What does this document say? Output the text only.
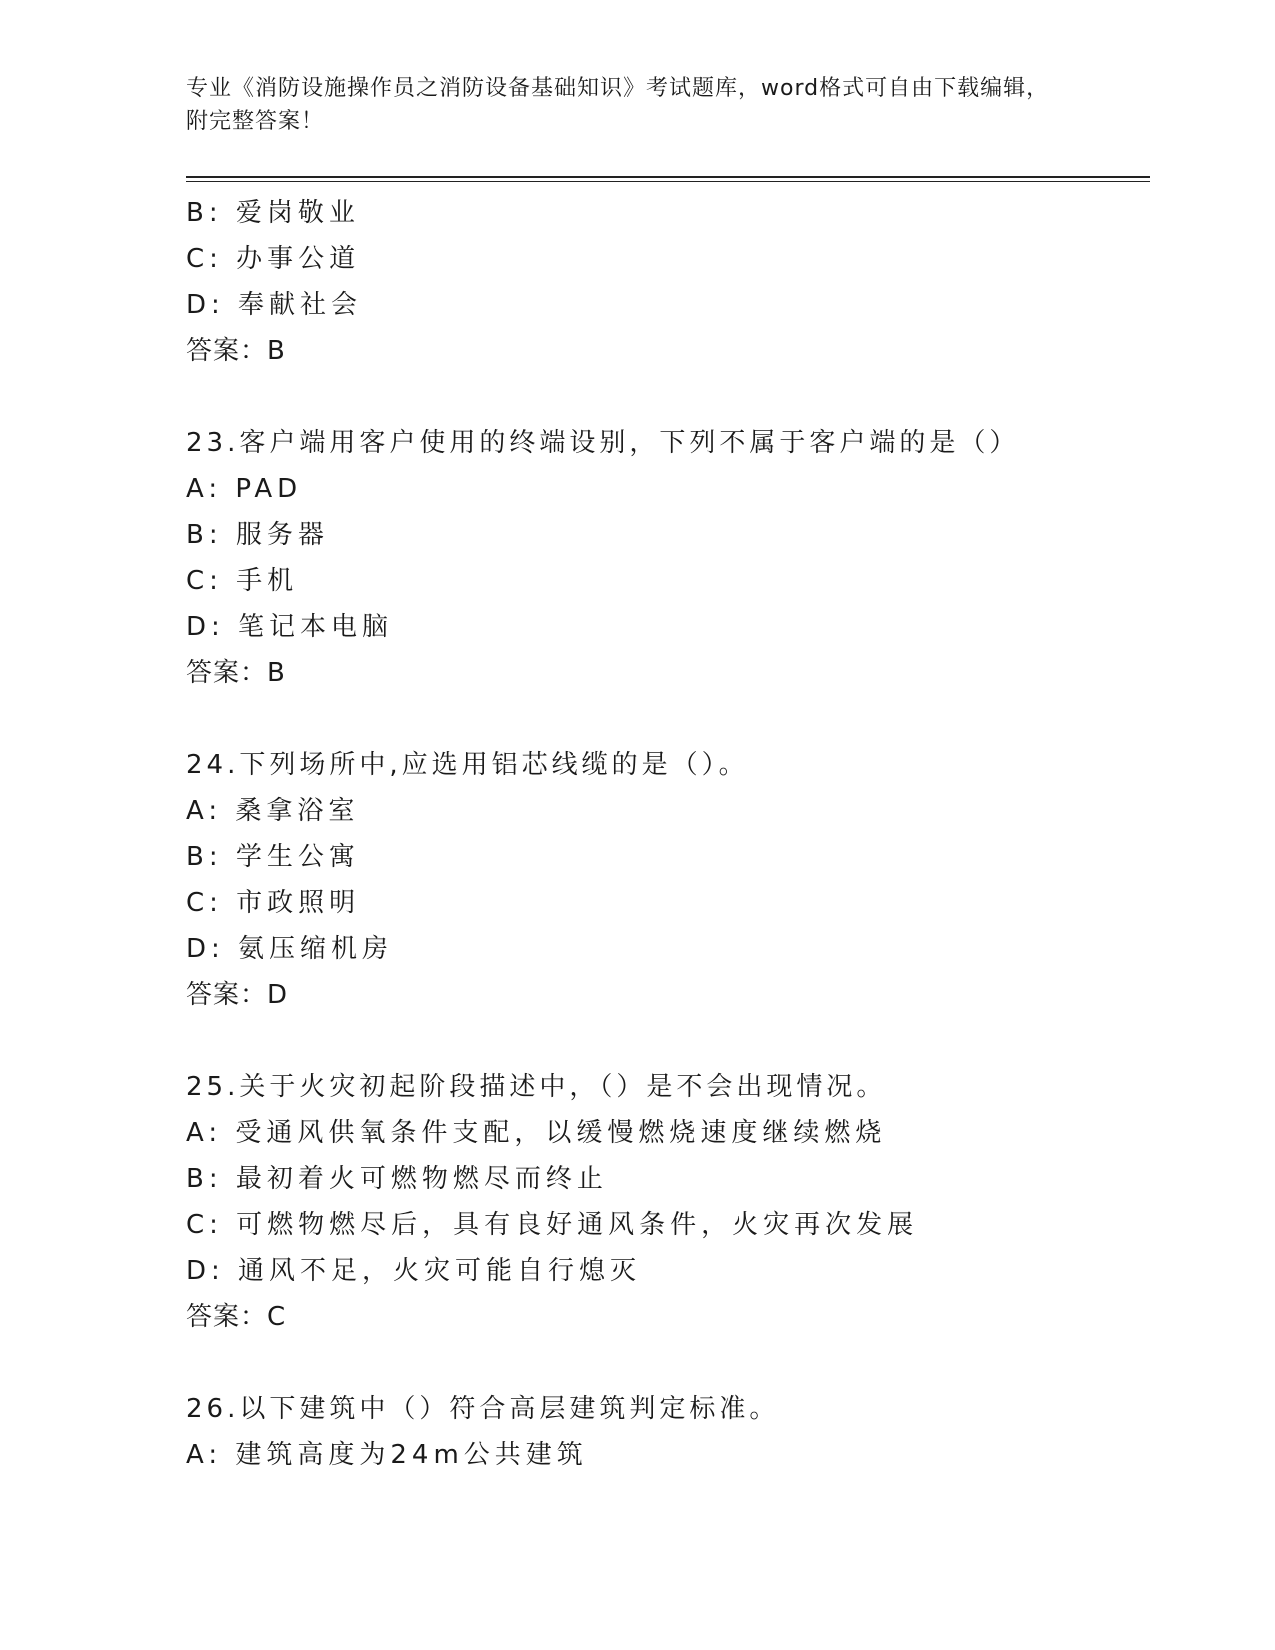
专业《消防设施操作员之消防设备基础知识》考试题库，word格式可自由下载编辑，附完整答案！
B: 爱岗敬业
C: 办事公道
D: 奉献社会
答案：B
23.客户端用客户使用的终端设别，下列不属于客户端的是（）
A: PAD
B: 服务器
C: 手机
D: 笔记本电脑
答案：B
24.下列场所中,应选用铝芯线缆的是（）。
A: 桑拿浴室
B: 学生公寓
C: 市政照明
D: 氨压缩机房
答案：D
25.关于火灾初起阶段描述中，（）是不会出现情况。
A: 受通风供氧条件支配，以缓慢燃烧速度继续燃烧
B: 最初着火可燃物燃尽而终止
C: 可燃物燃尽后，具有良好通风条件，火灾再次发展
D: 通风不足，火灾可能自行熄灭
答案：C
26.以下建筑中（）符合高层建筑判定标准。
A: 建筑高度为24m公共建筑
